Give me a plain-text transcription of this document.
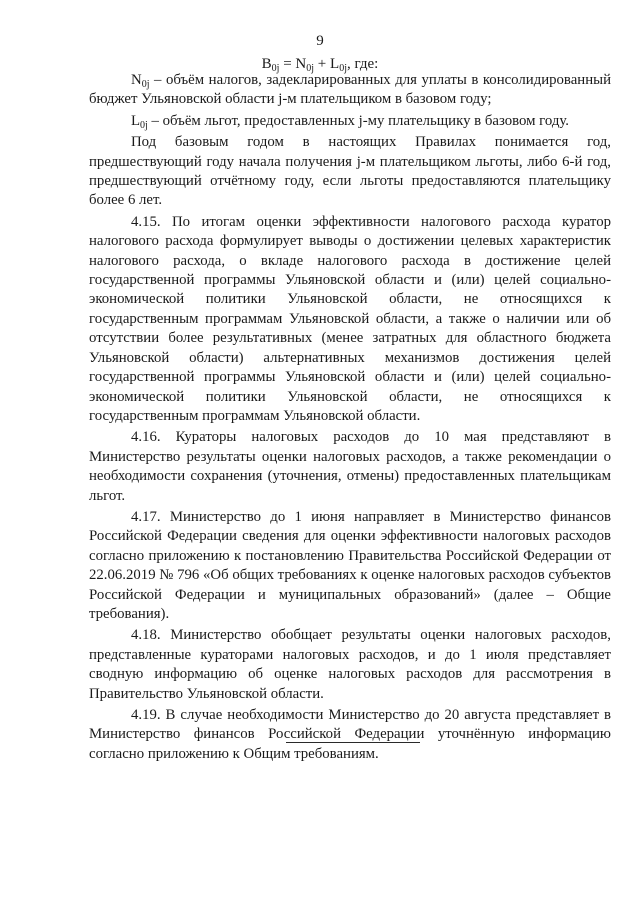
9
$B_{0j} = N_{0j} + L_{0j}$, где:

$N_{0j}$ – объём налогов, задекларированных для уплаты в консолидированный бюджет Ульяновской области j-м плательщиком в базовом году;

$L_{0j}$ – объём льгот, предоставленных j-му плательщику в базовом году.

Под базовым годом в настоящих Правилах понимается год, предшествующий году начала получения j-м плательщиком льготы, либо 6-й год, предшествующий отчётному году, если льготы предоставляются плательщику более 6 лет.

4.15. По итогам оценки эффективности налогового расхода куратор налогового расхода формулирует выводы о достижении целевых характеристик налогового расхода, о вкладе налогового расхода в достижение целей государственной программы Ульяновской области и (или) целей социально-экономической политики Ульяновской области, не относящихся к государственным программам Ульяновской области, а также о наличии или об отсутствии более результативных (менее затратных для областного бюджета Ульяновской области) альтернативных механизмов достижения целей государственной программы Ульяновской области и (или) целей социально-экономической политики Ульяновской области, не относящихся к государственным программам Ульяновской области.

4.16. Кураторы налоговых расходов до 10 мая представляют в Министерство результаты оценки налоговых расходов, а также рекомендации о необходимости сохранения (уточнения, отмены) предоставленных плательщикам льгот.

4.17. Министерство до 1 июня направляет в Министерство финансов Российской Федерации сведения для оценки эффективности налоговых расходов согласно приложению к постановлению Правительства Российской Федерации от 22.06.2019 № 796 «Об общих требованиях к оценке налоговых расходов субъектов Российской Федерации и муниципальных образований» (далее – Общие требования).

4.18. Министерство обобщает результаты оценки налоговых расходов, представленные кураторами налоговых расходов, и до 1 июля представляет сводную информацию об оценке налоговых расходов для рассмотрения в Правительство Ульяновской области.

4.19. В случае необходимости Министерство до 20 августа представляет в Министерство финансов Российской Федерации уточнённую информацию согласно приложению к Общим требованиям.
